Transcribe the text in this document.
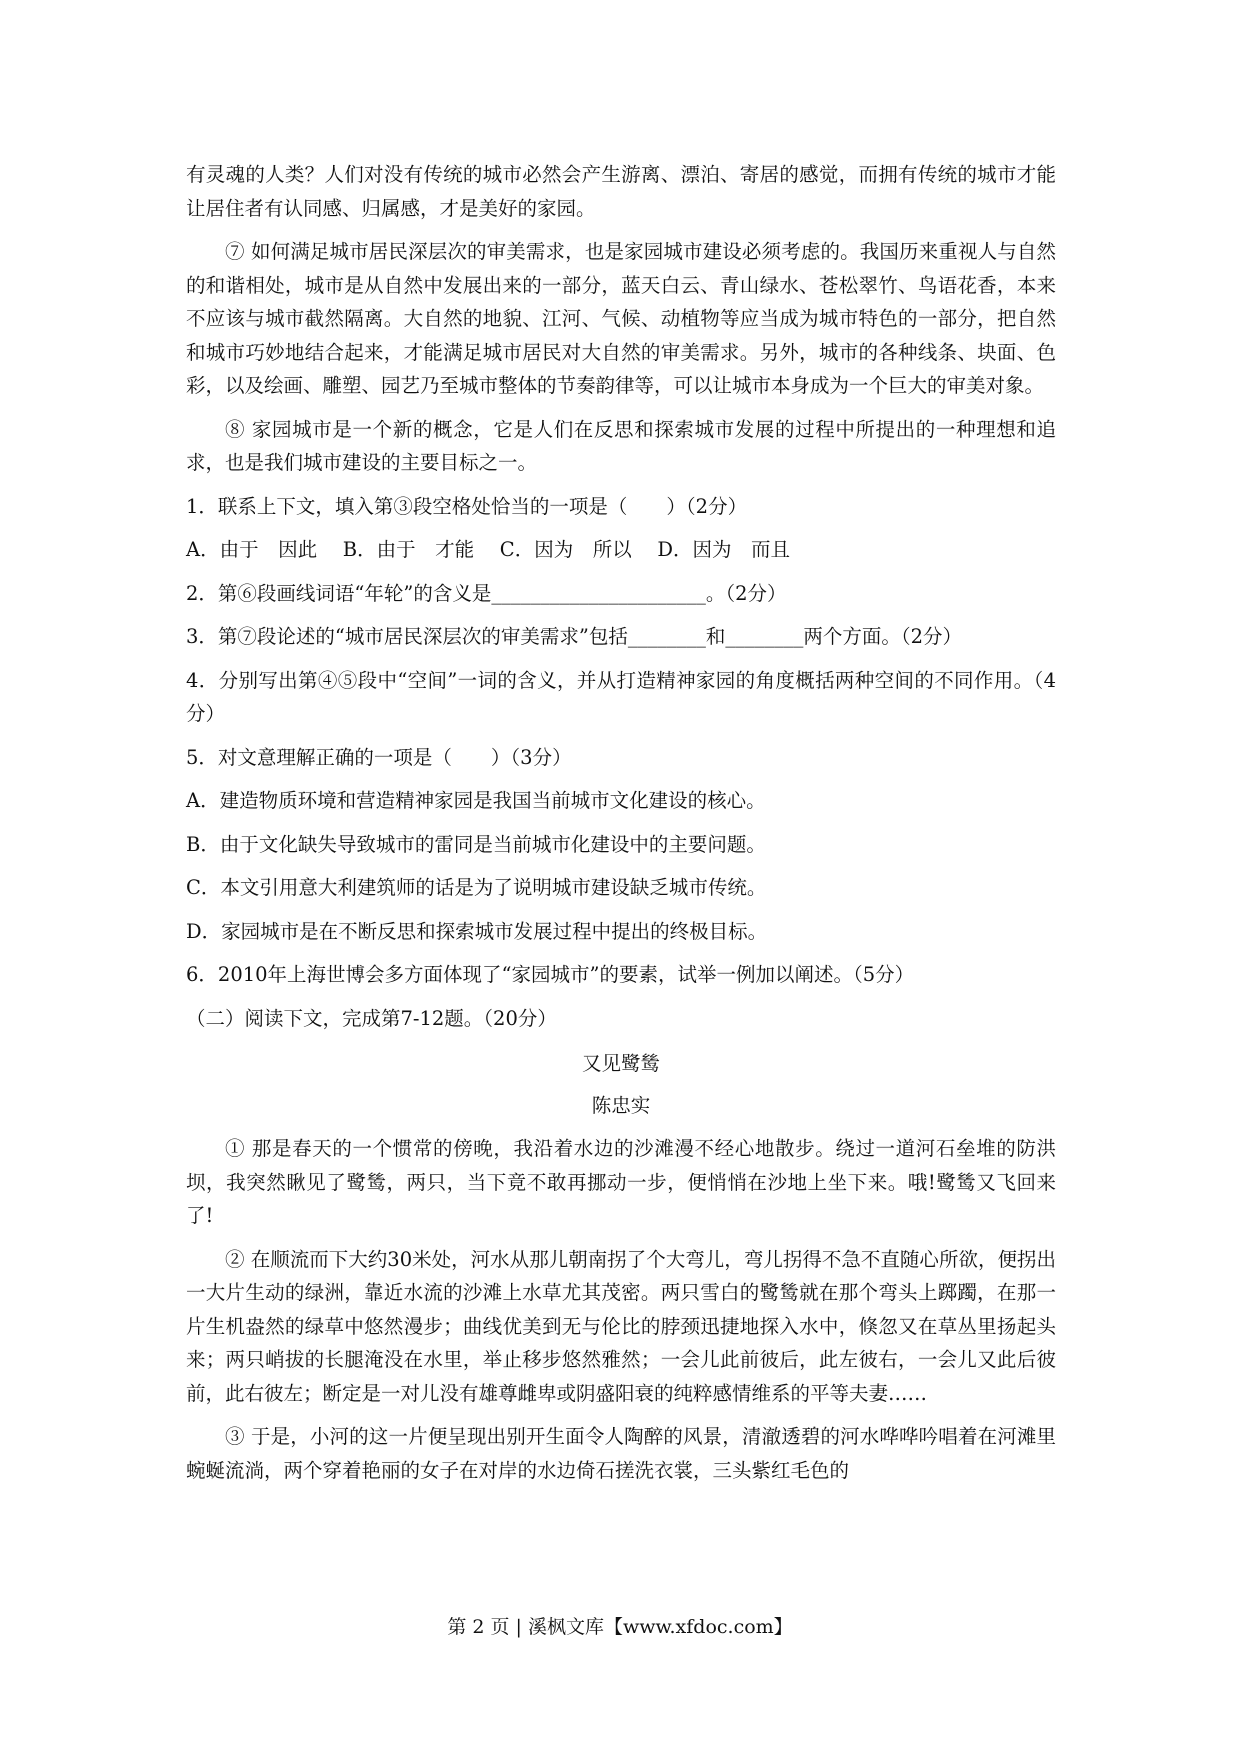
有灵魂的人类？人们对没有传统的城市必然会产生游离、漂泊、寄居的感觉，而拥有传统的城市才能让居住者有认同感、归属感，才是美好的家园。

⑦ 如何满足城市居民深层次的审美需求，也是家园城市建设必须考虑的。我国历来重视人与自然的和谐相处，城市是从自然中发展出来的一部分，蓝天白云、青山绿水、苍松翠竹、鸟语花香，本来不应该与城市截然隔离。大自然的地貌、江河、气候、动植物等应当成为城市特色的一部分，把自然和城市巧妙地结合起来，才能满足城市居民对大自然的审美需求。另外，城市的各种线条、块面、色彩，以及绘画、雕塑、园艺乃至城市整体的节奏韵律等，可以让城市本身成为一个巨大的审美对象。

⑧ 家园城市是一个新的概念，它是人们在反思和探索城市发展的过程中所提出的一种理想和追求，也是我们城市建设的主要目标之一。

1．联系上下文，填入第③段空格处恰当的一项是（　　）（2分）

A．由于　因此　 B．由于　才能　 C．因为　所以　 D．因为　而且

2．第⑥段画线词语“年轮”的含义是______________________。（2分）

3．第⑦段论述的“城市居民深层次的审美需求”包括________和________两个方面。（2分）

4．分别写出第④⑤段中“空间”一词的含义，并从打造精神家园的角度概括两种空间的不同作用。（4分）

5．对文意理解正确的一项是（　　）（3分）

A．建造物质环境和营造精神家园是我国当前城市文化建设的核心。

B．由于文化缺失导致城市的雷同是当前城市化建设中的主要问题。

C．本文引用意大利建筑师的话是为了说明城市建设缺乏城市传统。

D．家园城市是在不断反思和探索城市发展过程中提出的终极目标。

6．2010年上海世博会多方面体现了“家园城市”的要素，试举一例加以阐述。（5分）

（二）阅读下文，完成第7-12题。（20分）

又见鹭鸶

陈忠实

① 那是春天的一个惯常的傍晚，我沿着水边的沙滩漫不经心地散步。绕过一道河石垒堆的防洪坝，我突然瞅见了鹭鸶，两只，当下竟不敢再挪动一步，便悄悄在沙地上坐下来。哦!鹭鸶又飞回来了!

② 在顺流而下大约30米处，河水从那儿朝南拐了个大弯儿，弯儿拐得不急不直随心所欲，便拐出一大片生动的绿洲，靠近水流的沙滩上水草尤其茂密。两只雪白的鹭鸶就在那个弯头上踯躅，在那一片生机盎然的绿草中悠然漫步；曲线优美到无与伦比的脖颈迅捷地探入水中，倏忽又在草丛里扬起头来；两只峭拔的长腿淹没在水里，举止移步悠然雅然；一会儿此前彼后，此左彼右，一会儿又此后彼前，此右彼左；断定是一对儿没有雄尊雌卑或阴盛阳衰的纯粹感情维系的平等夫妻……

③ 于是，小河的这一片便呈现出别开生面令人陶醉的风景，清澈透碧的河水哗哗吟唱着在河滩里蜿蜒流淌，两个穿着艳丽的女子在对岸的水边倚石搓洗衣裳，三头紫红毛色的

第 2 页 | 溪枫文库【www.xfdoc.com】
